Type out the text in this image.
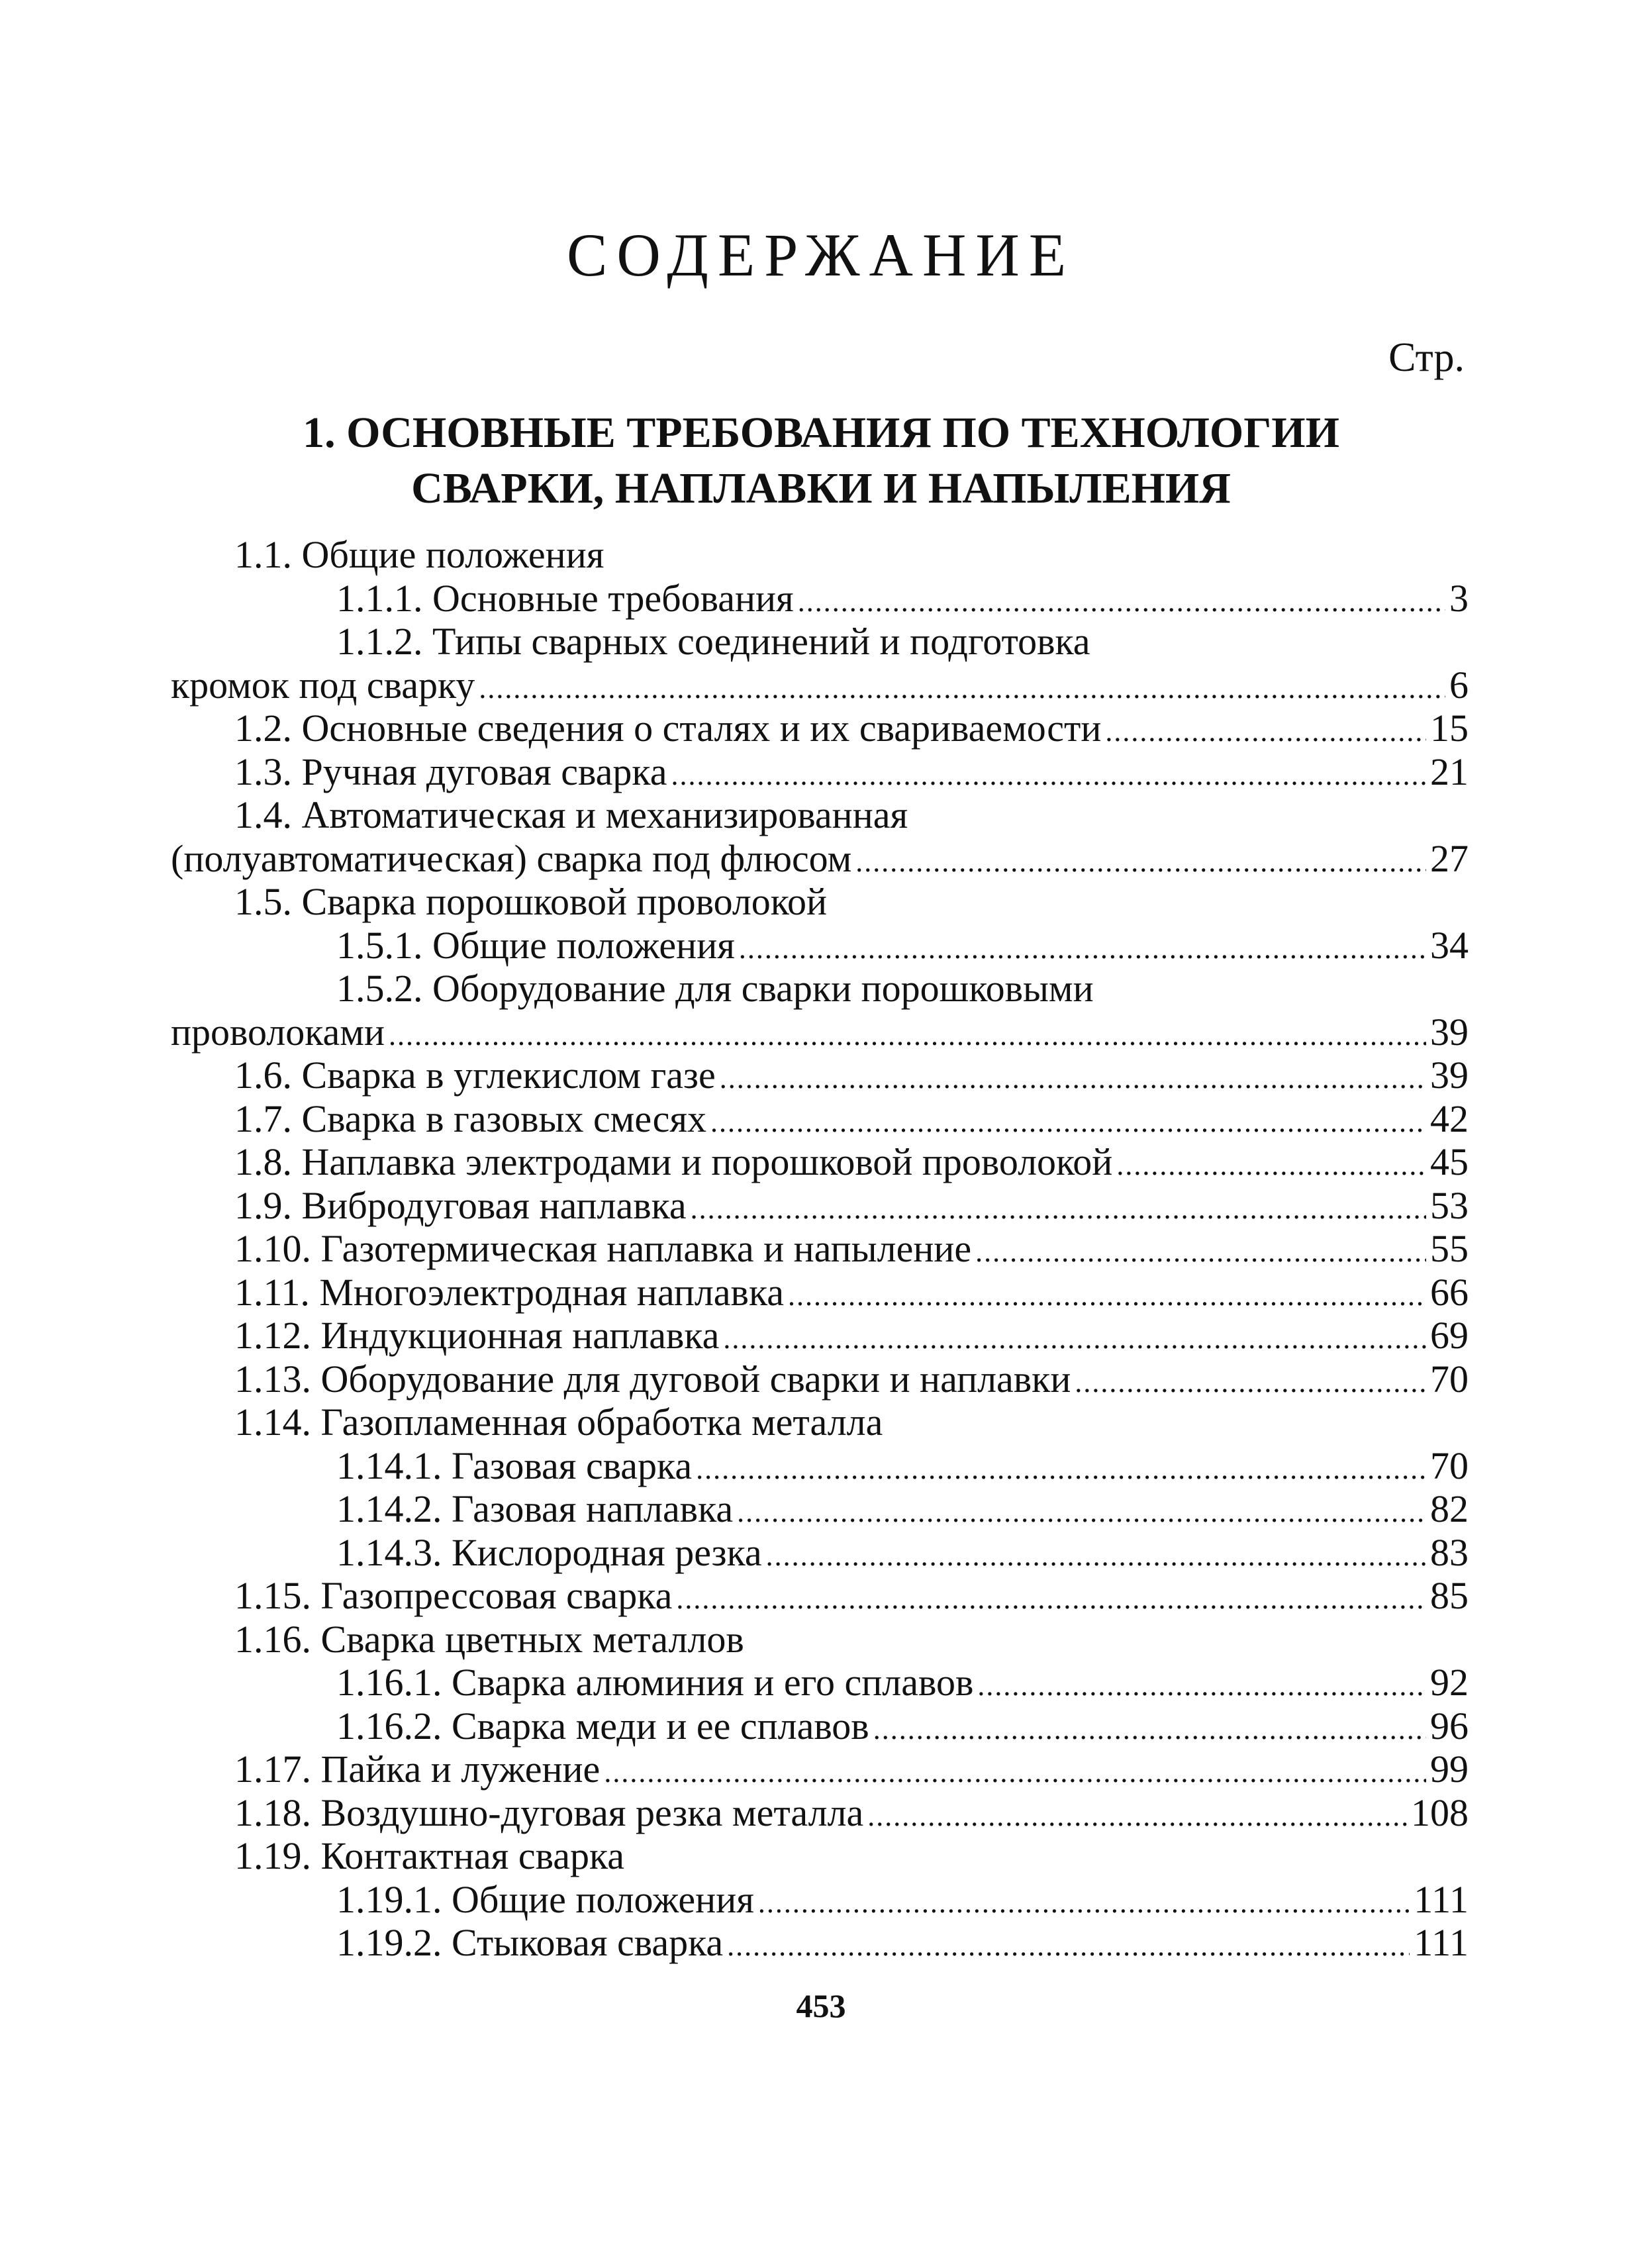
СОДЕРЖАНИЕ
Стр.
1. ОСНОВНЫЕ ТРЕБОВАНИЯ ПО ТЕХНОЛОГИИ
СВАРКИ, НАПЛАВКИ И НАПЫЛЕНИЯ
1.1. Общие положения
1.1.1. Основные требования .....	3
1.1.2. Типы сварных соединений и подготовка
кромок под сварку .....	6
1.2. Основные сведения о сталях и их свариваемости .....	15
1.3. Ручная дуговая сварка .....	21
1.4. Автоматическая и механизированная
(полуавтоматическая) сварка под флюсом .....	27
1.5. Сварка порошковой проволокой
1.5.1. Общие положения .....	34
1.5.2. Оборудование для сварки порошковыми
проволоками .....	39
1.6. Сварка в углекислом газе .....	39
1.7. Сварка в газовых смесях .....	42
1.8. Наплавка электродами и порошковой проволокой .....	45
1.9. Вибродуговая наплавка .....	53
1.10. Газотермическая наплавка и напыление .....	55
1.11. Многоэлектродная наплавка .....	66
1.12. Индукционная наплавка .....	69
1.13. Оборудование для дуговой сварки и наплавки .....	70
1.14. Газопламенная обработка металла
1.14.1. Газовая сварка .....	70
1.14.2. Газовая наплавка .....	82
1.14.3. Кислородная резка .....	83
1.15. Газопрессовая сварка .....	85
1.16. Сварка цветных металлов
1.16.1. Сварка алюминия и его сплавов .....	92
1.16.2. Сварка меди и ее сплавов .....	96
1.17. Пайка и лужение .....	99
1.18. Воздушно-дуговая резка металла .....	108
1.19. Контактная сварка
1.19.1. Общие положения .....	111
1.19.2. Стыковая сварка .....	111
453
